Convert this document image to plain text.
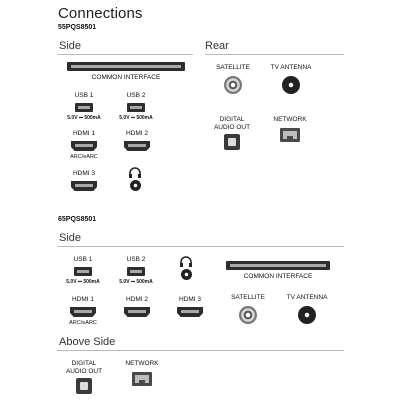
Connections
55PQS8501
Side	Rear
COMMON INTERFACE
USB 1
5.0V ⎓ 500mA
USB 2
5.0V ⎓ 500mA
HDMI 1
ARC/eARC
HDMI 2
HDMI 3
SATELLITE	TV ANTENNA
DIGITAL
AUDIO OUT
NETWORK
65PQS8501
Side
USB 1
5.0V ⎓ 500mA
USB 2
5.0V ⎓ 500mA
COMMON INTERFACE
HDMI 1
ARC/eARC
HDMI 2	HDMI 3	SATELLITE	TV ANTENNA
Above Side
DIGITAL
AUDIO OUT
NETWORK
